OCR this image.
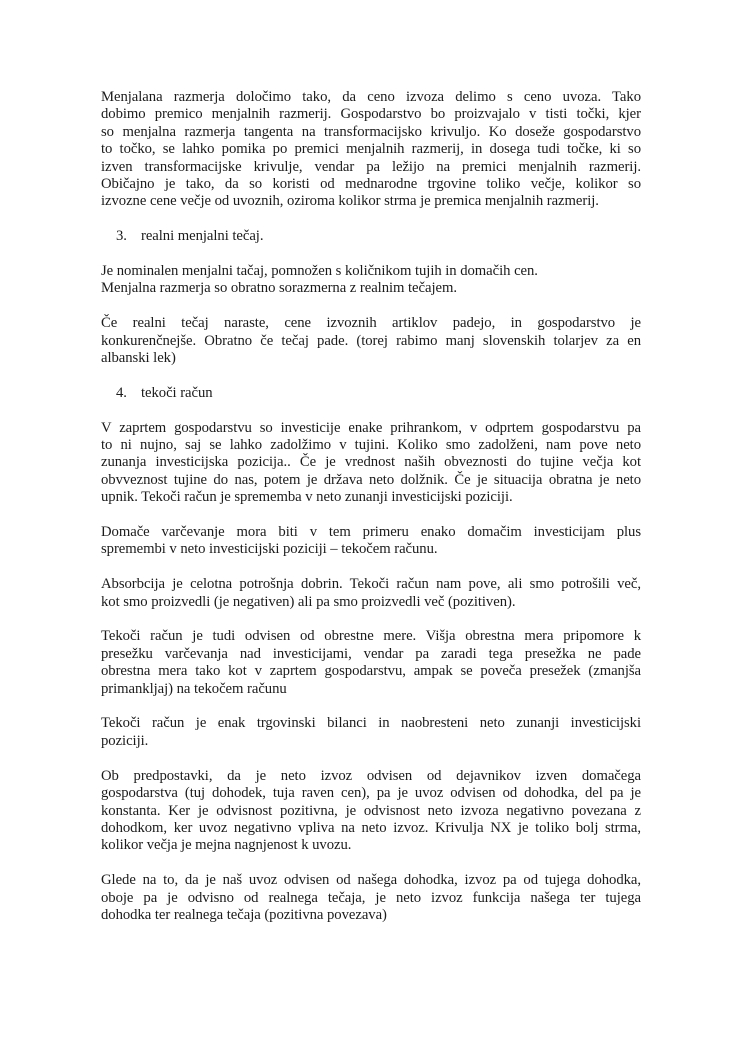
Menjalana razmerja določimo tako, da ceno izvoza delimo s ceno uvoza. Tako
dobimo premico menjalnih razmerij. Gospodarstvo bo proizvajalo v tisti točki, kjer
so menjalna razmerja tangenta na transformacijsko krivuljo. Ko doseže gospodarstvo
to točko, se lahko pomika po premici menjalnih razmerij, in dosega tudi točke, ki so
izven transformacijske krivulje, vendar pa ležijo na premici menjalnih razmerij.
Običajno je tako, da so koristi od mednarodne trgovine toliko večje, kolikor so
izvozne cene večje od uvoznih, oziroma kolikor strma je premica menjalnih razmerij.
3. realni menjalni tečaj.
Je nominalen menjalni tačaj, pomnožen s količnikom tujih in domačih cen.
Menjalna razmerja so obratno sorazmerna z realnim tečajem.
Če realni tečaj naraste, cene izvoznih artiklov padejo, in gospodarstvo je
konkurenčnejše. Obratno če tečaj pade. (torej rabimo manj slovenskih tolarjev za en
albanski lek)
4. tekoči račun
V zaprtem gospodarstvu so investicije enake prihrankom, v odprtem gospodarstvu pa
to ni nujno, saj se lahko zadolžimo v tujini. Koliko smo zadolženi, nam pove neto
zunanja investicijska pozicija.. Če je vrednost naših obveznosti do tujine večja kot
obvveznost tujine do nas, potem je država neto dolžnik. Če je situacija obratna je neto
upnik. Tekoči račun je sprememba v neto zunanji investicijski poziciji.
Domače varčevanje mora biti v tem primeru enako domačim investicijam plus
spremembi v neto investicijski poziciji – tekočem računu.
Absorbcija je celotna potrošnja dobrin. Tekoči račun nam pove, ali smo potrošili več,
kot smo proizvedli (je negativen) ali pa smo proizvedli več (pozitiven).
Tekoči račun je tudi odvisen od obrestne mere. Višja obrestna mera pripomore k
presežku varčevanja nad investicijami, vendar pa zaradi tega presežka ne pade
obrestna mera tako kot v zaprtem gospodarstvu, ampak se poveča presežek (zmanjša
primankljaj) na tekočem računu
Tekoči račun je enak trgovinski bilanci in naobresteni neto zunanji investicijski
poziciji.
Ob predpostavki, da je neto izvoz odvisen od dejavnikov izven domačega
gospodarstva (tuj dohodek, tuja raven cen), pa je uvoz odvisen od dohodka, del pa je
konstanta. Ker je odvisnost pozitivna, je odvisnost neto izvoza negativno povezana z
dohodkom, ker uvoz negativno vpliva na neto izvoz. Krivulja NX je toliko bolj strma,
kolikor večja je mejna nagnjenost k uvozu.
Glede na to, da je naš uvoz odvisen od našega dohodka, izvoz pa od tujega dohodka,
oboje pa je odvisno od realnega tečaja, je neto izvoz funkcija našega ter tujega
dohodka ter realnega tečaja (pozitivna povezava)
